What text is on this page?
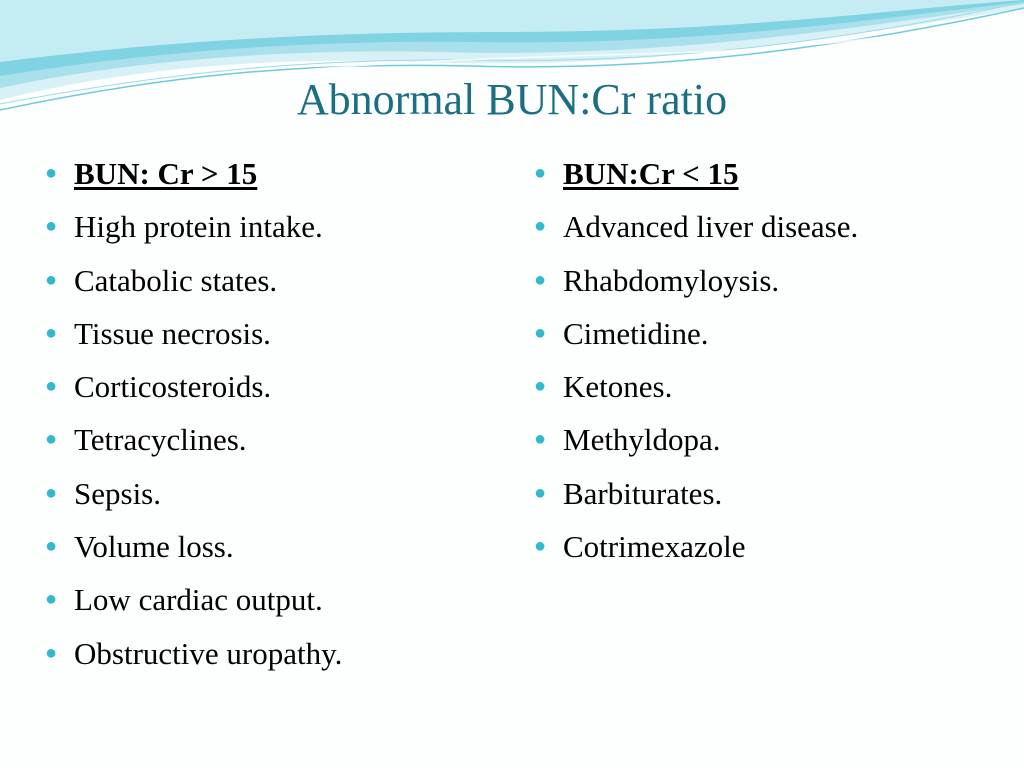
Abnormal BUN:Cr ratio
● BUN: Cr > 15
● High protein intake.
● Catabolic states.
● Tissue necrosis.
● Corticosteroids.
● Tetracyclines.
● Sepsis.
● Volume loss.
● Low cardiac output.
● Obstructive uropathy.
● BUN:Cr < 15
● Advanced liver disease.
● Rhabdomyloysis.
● Cimetidine.
● Ketones.
● Methyldopa.
● Barbiturates.
● Cotrimexazole
